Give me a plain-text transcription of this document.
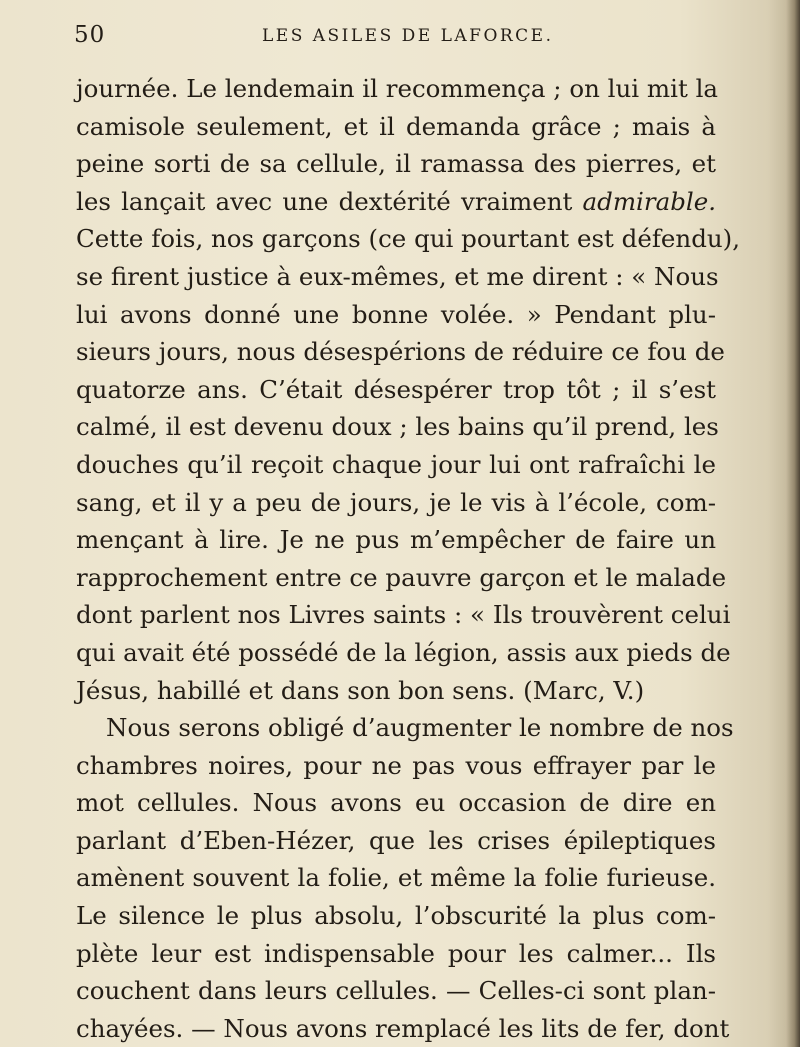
50	LES ASILES DE LAFORCE.
journée. Le lendemain il recommença ; on lui mit la
camisole seulement, et il demanda grâce ; mais à
peine sorti de sa cellule, il ramassa des pierres, et
les lançait avec une dextérité vraiment admirable.
Cette fois, nos garçons (ce qui pourtant est défendu),
se firent justice à eux-mêmes, et me dirent : « Nous
lui avons donné une bonne volée. » Pendant plu-
sieurs jours, nous désespérions de réduire ce fou de
quatorze ans. C’était désespérer trop tôt ; il s’est
calmé, il est devenu doux ; les bains qu’il prend, les
douches qu’il reçoit chaque jour lui ont rafraîchi le
sang, et il y a peu de jours, je le vis à l’école, com-
mençant à lire. Je ne pus m’empêcher de faire un
rapprochement entre ce pauvre garçon et le malade
dont parlent nos Livres saints : « Ils trouvèrent celui
qui avait été possédé de la légion, assis aux pieds de
Jésus, habillé et dans son bon sens. (Marc, V.)
Nous serons obligé d’augmenter le nombre de nos
chambres noires, pour ne pas vous effrayer par le
mot cellules. Nous avons eu occasion de dire en
parlant d’Eben-Hézer, que les crises épileptiques
amènent souvent la folie, et même la folie furieuse.
Le silence le plus absolu, l’obscurité la plus com-
plète leur est indispensable pour les calmer... Ils
couchent dans leurs cellules. — Celles-ci sont plan-
chayées. — Nous avons remplacé les lits de fer, dont
